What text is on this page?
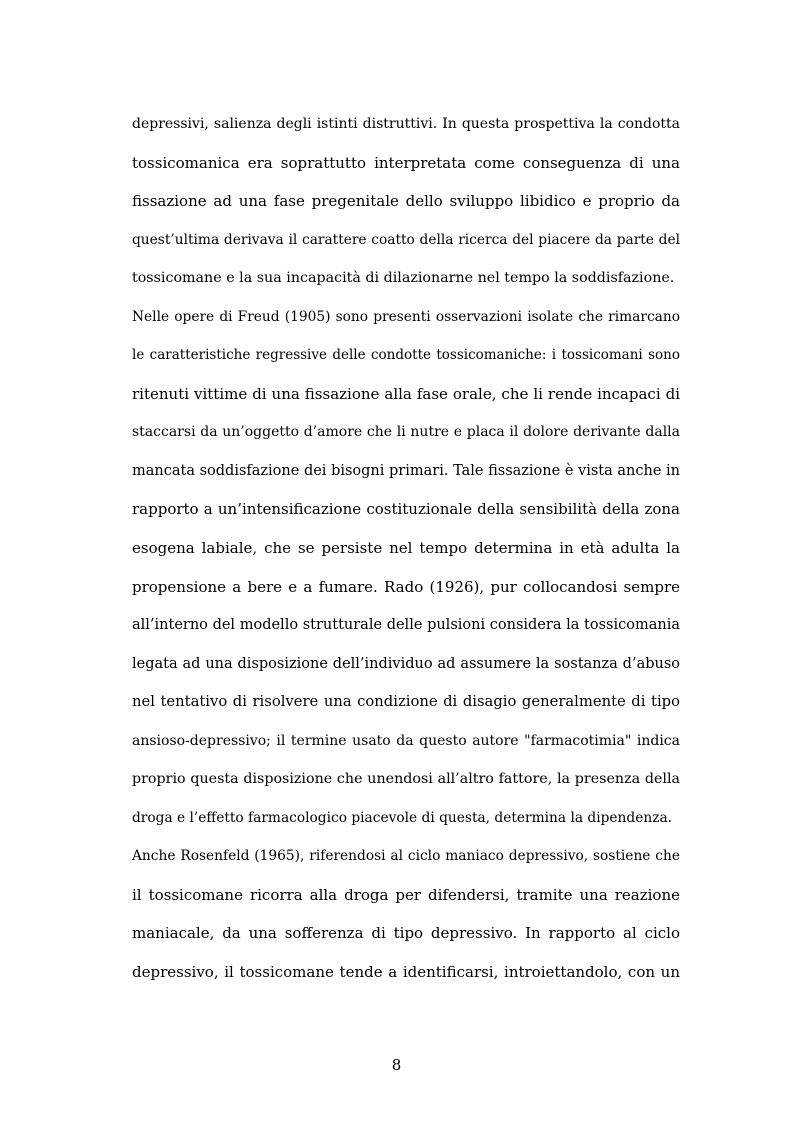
depressivi, salienza degli istinti distruttivi. In questa prospettiva la condotta
tossicomanica era soprattutto interpretata come conseguenza di una
fissazione ad una fase pregenitale dello sviluppo libidico e proprio da
quest’ultima derivava il carattere coatto della ricerca del piacere da parte del
tossicomane e la sua incapacità di dilazionarne nel tempo la soddisfazione.
Nelle opere di Freud (1905) sono presenti osservazioni isolate che rimarcano
le caratteristiche regressive delle condotte tossicomaniche: i tossicomani sono
ritenuti vittime di una fissazione alla fase orale, che li rende incapaci di
staccarsi da un’oggetto d’amore che li nutre e placa il dolore derivante dalla
mancata soddisfazione dei bisogni primari. Tale fissazione è vista anche in
rapporto a un’intensificazione costituzionale della sensibilità della zona
esogena labiale, che se persiste nel tempo determina in età adulta la
propensione a bere e a fumare. Rado (1926), pur collocandosi sempre
all’interno del modello strutturale delle pulsioni considera la tossicomania
legata ad una disposizione dell’individuo ad assumere la sostanza d’abuso
nel tentativo di risolvere una condizione di disagio generalmente di tipo
ansioso-depressivo; il termine usato da questo autore "farmacotimia" indica
proprio questa disposizione che unendosi all’altro fattore, la presenza della
droga e l’effetto farmacologico piacevole di questa, determina la dipendenza.
Anche Rosenfeld (1965), riferendosi al ciclo maniaco depressivo, sostiene che
il tossicomane ricorra alla droga per difendersi, tramite una reazione
maniacale, da una sofferenza di tipo depressivo. In rapporto al ciclo
depressivo, il tossicomane tende a identificarsi, introiettandolo, con un
8
